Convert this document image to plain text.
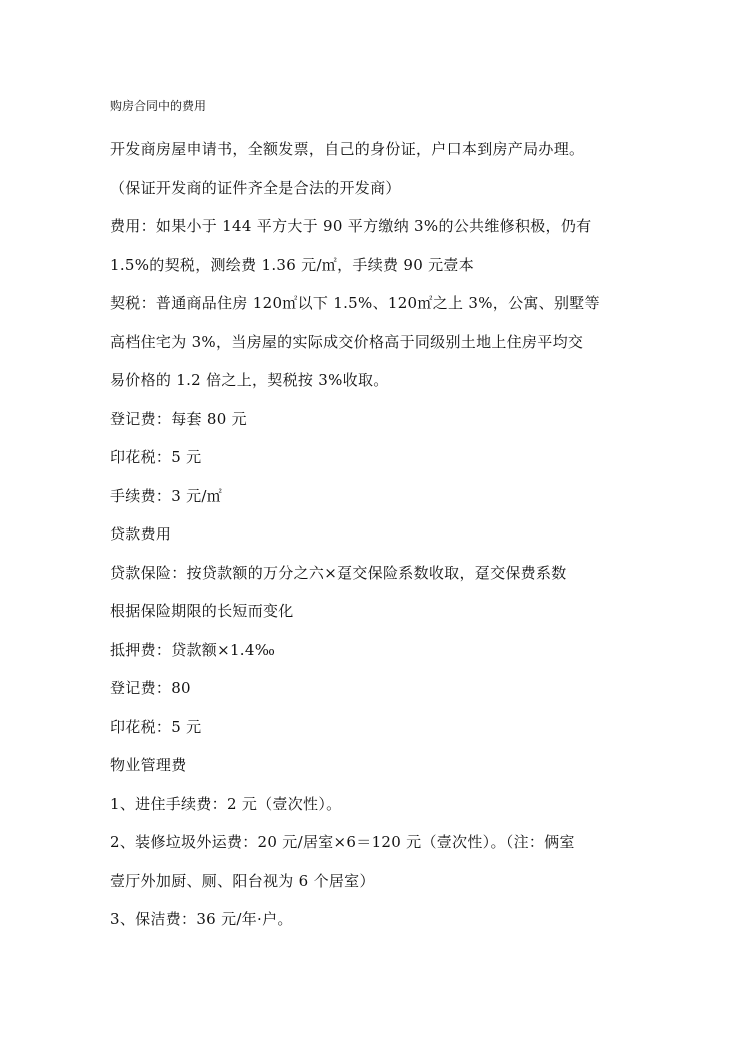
购房合同中的费用
开发商房屋申请书，全额发票，自己的身份证，户口本到房产局办理。
（保证开发商的证件齐全是合法的开发商）
费用：如果小于 144 平方大于 90 平方缴纳 3%的公共维修积极，仍有
1.5%的契税，测绘费 1.36 元/㎡，手续费 90 元壹本
契税：普通商品住房 120㎡以下 1.5%、120㎡之上 3%，公寓、别墅等
高档住宅为 3%，当房屋的实际成交价格高于同级别土地上住房平均交
易价格的 1.2 倍之上，契税按 3%收取。
登记费：每套 80 元
印花税：5 元
手续费：3 元/㎡
贷款费用
贷款保险：按贷款额的万分之六×趸交保险系数收取，趸交保费系数
根据保险期限的长短而变化
抵押费：贷款额×1.4‰
登记费：80
印花税：5 元
物业管理费
1、进住手续费：2 元（壹次性）。
2、装修垃圾外运费：20 元/居室×6＝120 元（壹次性）。（注：俩室
壹厅外加厨、厕、阳台视为 6 个居室）
3、保洁费：36 元/年·户。
